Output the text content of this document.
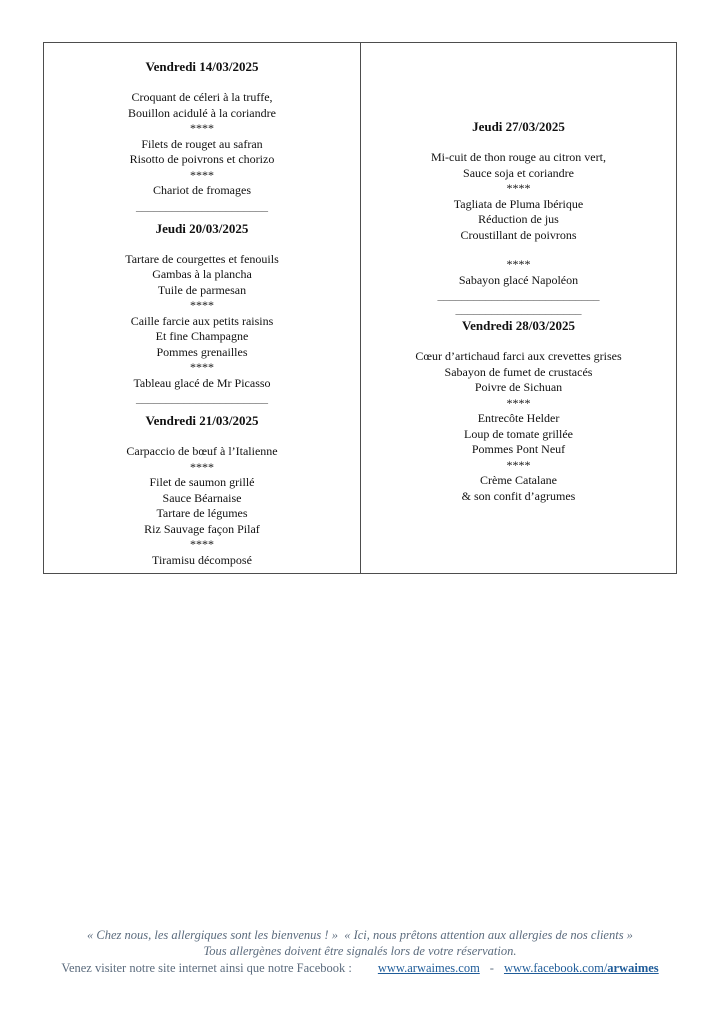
Vendredi 14/03/2025

Croquant de céleri à la truffe,

Bouillon acidulé à la coriandre

****

Filets de rouget au safran

Risotto de poivrons et chorizo

****

Chariot de fromages

______________________

Jeudi 20/03/2025

Tartare de courgettes et fenouils

Gambas à la plancha

Tuile de parmesan

****

Caille farcie aux petits raisins

Et fine Champagne

Pommes grenailles

****

Tableau glacé de Mr Picasso

______________________

Vendredi 21/03/2025

Carpaccio de bœuf à l’Italienne

****

Filet de saumon grillé

Sauce Béarnaise

Tartare de légumes

Riz Sauvage façon Pilaf

****

Tiramisu décomposé

Jeudi 27/03/2025

Mi-cuit de thon rouge au citron vert,

Sauce soja et coriandre

****

Tagliata de Pluma Ibérique

Réduction de jus

Croustillant de poivrons

****

Sabayon glacé Napoléon

___________________________

_____________________

Vendredi 28/03/2025

Cœur d’artichaud farci aux crevettes grises

Sabayon de fumet de crustacés

Poivre de Sichuan

****

Entrecôte Helder

Loup de tomate grillée

Pommes Pont Neuf

****

Crème Catalane

& son confit d’agrumes

« Chez nous, les allergiques sont les bienvenus ! »  « Ici, nous prêtons attention aux allergies de nos clients »

Tous allergènes doivent être signalés lors de votre réservation.

Venez visiter notre site internet ainsi que notre Facebook : www.arwaimes.com - www.facebook.com/arwaimes
